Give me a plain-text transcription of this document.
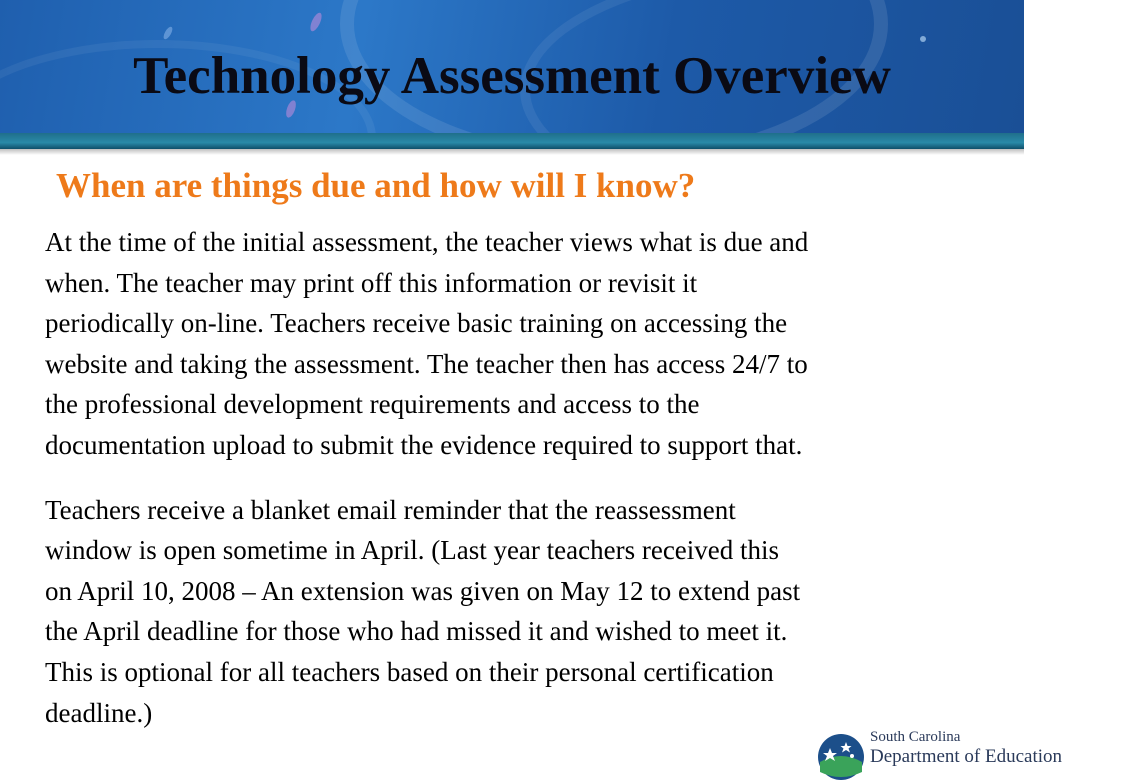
Technology Assessment Overview
When are things due and how will I know?

At the time of the initial assessment, the teacher views what is due and
when. The teacher may print off this information or revisit it
periodically on-line. Teachers receive basic training on accessing the
website and taking the assessment. The teacher then has access 24/7 to
the professional development requirements and access to the
documentation upload to submit the evidence required to support that.

Teachers receive a blanket email reminder that the reassessment
window is open sometime in April. (Last year teachers received this
on April 10, 2008 – An extension was given on May 12 to extend past
the April deadline for those who had missed it and wished to meet it.
This is optional for all teachers based on their personal certification
deadline.)

South Carolina
Department of Education
